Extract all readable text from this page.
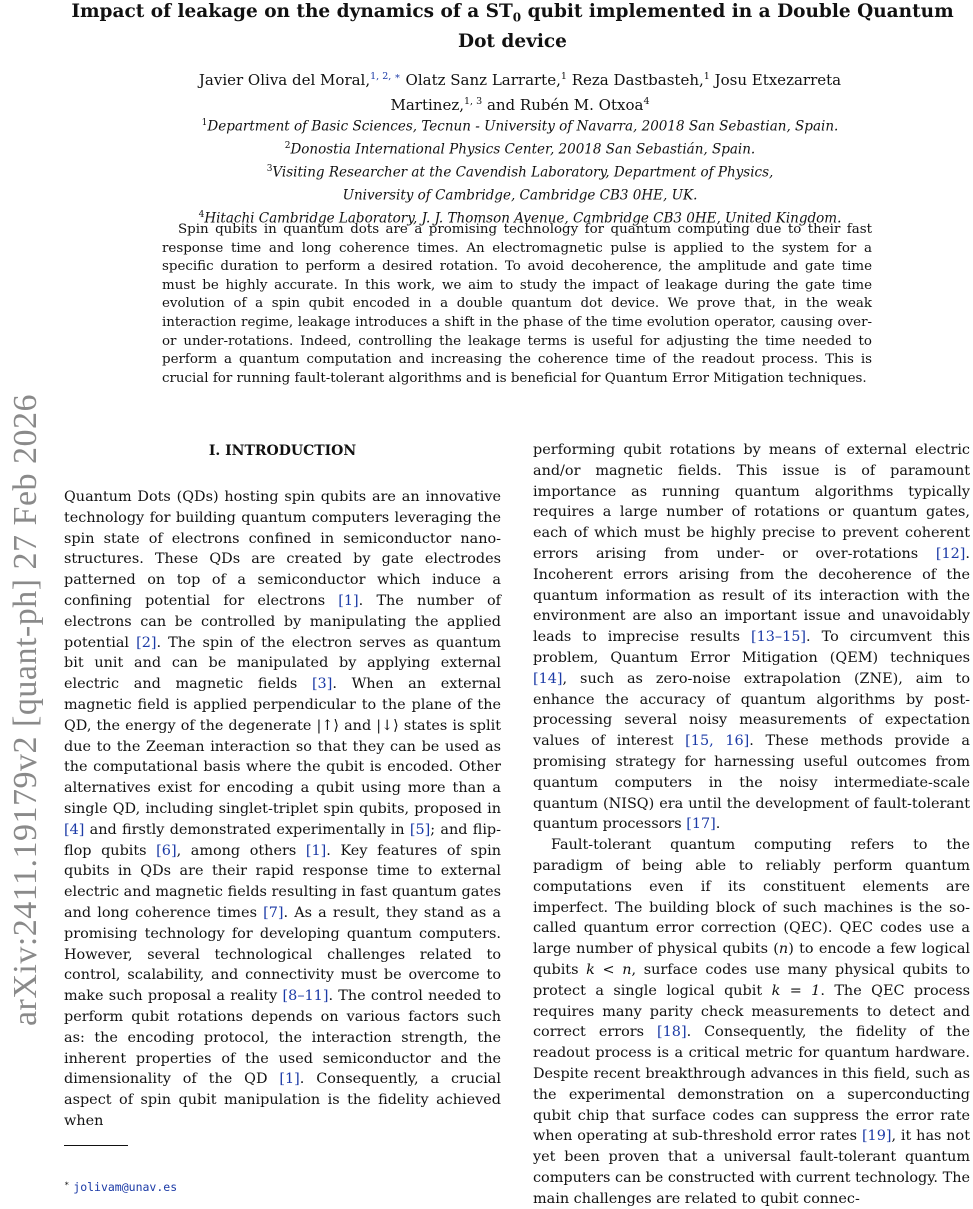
arXiv:2411.19179v2 [quant-ph] 27 Feb 2026
Impact of leakage on the dynamics of a $ST_0$ qubit implemented in a Double Quantum
Dot device
Javier Oliva del Moral,$^{1, 2, ∗}$ Olatz Sanz Larrarte,$^1$ Reza Dastbasteh,$^1$ Josu Etxezarreta Martinez,$^{1, 3}$ and Rubén M. Otxoa$^4$
$^1$Department of Basic Sciences, Tecnun - University of Navarra, 20018 San Sebastian, Spain.
$^2$Donostia International Physics Center, 20018 San Sebastián, Spain.
$^3$Visiting Researcher at the Cavendish Laboratory, Department of Physics,
University of Cambridge, Cambridge CB3 0HE, UK.
$^4$Hitachi Cambridge Laboratory, J. J. Thomson Avenue, Cambridge CB3 0HE, United Kingdom.
Spin qubits in quantum dots are a promising technology for quantum computing due to their fast response time and long coherence times. An electromagnetic pulse is applied to the system for a specific duration to perform a desired rotation. To avoid decoherence, the amplitude and gate time must be highly accurate. In this work, we aim to study the impact of leakage during the gate time evolution of a spin qubit encoded in a double quantum dot device. We prove that, in the weak interaction regime, leakage introduces a shift in the phase of the time evolution operator, causing over- or under-rotations. Indeed, controlling the leakage terms is useful for adjusting the time needed to perform a quantum computation and increasing the coherence time of the readout process. This is crucial for running fault-tolerant algorithms and is beneficial for Quantum Error Mitigation techniques.
I. INTRODUCTION

Quantum Dots (QDs) hosting spin qubits are an innovative technology for building quantum computers leveraging the spin state of electrons confined in semiconductor nano-structures. These QDs are created by gate electrodes patterned on top of a semiconductor which induce a confining potential for electrons [1]. The number of electrons can be controlled by manipulating the applied potential [2]. The spin of the electron serves as quantum bit unit and can be manipulated by applying external electric and magnetic fields [3]. When an external magnetic field is applied perpendicular to the plane of the QD, the energy of the degenerate |↑⟩ and |↓⟩ states is split due to the Zeeman interaction so that they can be used as the computational basis where the qubit is encoded. Other alternatives exist for encoding a qubit using more than a single QD, including singlet-triplet spin qubits, proposed in [4] and firstly demonstrated experimentally in [5]; and flip-flop qubits [6], among others [1]. Key features of spin qubits in QDs are their rapid response time to external electric and magnetic fields resulting in fast quantum gates and long coherence times [7]. As a result, they stand as a promising technology for developing quantum computers. However, several technological challenges related to control, scalability, and connectivity must be overcome to make such proposal a reality [8–11]. The control needed to perform qubit rotations depends on various factors such as: the encoding protocol, the interaction strength, the inherent properties of the used semiconductor and the dimensionality of the QD [1]. Consequently, a crucial aspect of spin qubit manipulation is the fidelity achieved when

performing qubit rotations by means of external electric and/or magnetic fields. This issue is of paramount importance as running quantum algorithms typically requires a large number of rotations or quantum gates, each of which must be highly precise to prevent coherent errors arising from under- or over-rotations [12]. Incoherent errors arising from the decoherence of the quantum information as result of its interaction with the environment are also an important issue and unavoidably leads to imprecise results [13–15]. To circumvent this problem, Quantum Error Mitigation (QEM) techniques [14], such as zero-noise extrapolation (ZNE), aim to enhance the accuracy of quantum algorithms by post-processing several noisy measurements of expectation values of interest [15, 16]. These methods provide a promising strategy for harnessing useful outcomes from quantum computers in the noisy intermediate-scale quantum (NISQ) era until the development of fault-tolerant quantum processors [17].

Fault-tolerant quantum computing refers to the paradigm of being able to reliably perform quantum computations even if its constituent elements are imperfect. The building block of such machines is the so-called quantum error correction (QEC). QEC codes use a large number of physical qubits (n) to encode a few logical qubits k < n, surface codes use many physical qubits to protect a single logical qubit k = 1. The QEC process requires many parity check measurements to detect and correct errors [18]. Consequently, the fidelity of the readout process is a critical metric for quantum hardware. Despite recent breakthrough advances in this field, such as the experimental demonstration on a superconducting qubit chip that surface codes can suppress the error rate when operating at sub-threshold error rates [19], it has not yet been proven that a universal fault-tolerant quantum computers can be constructed with current technology. The main challenges are related to qubit connec-

∗ jolivam@unav.es
